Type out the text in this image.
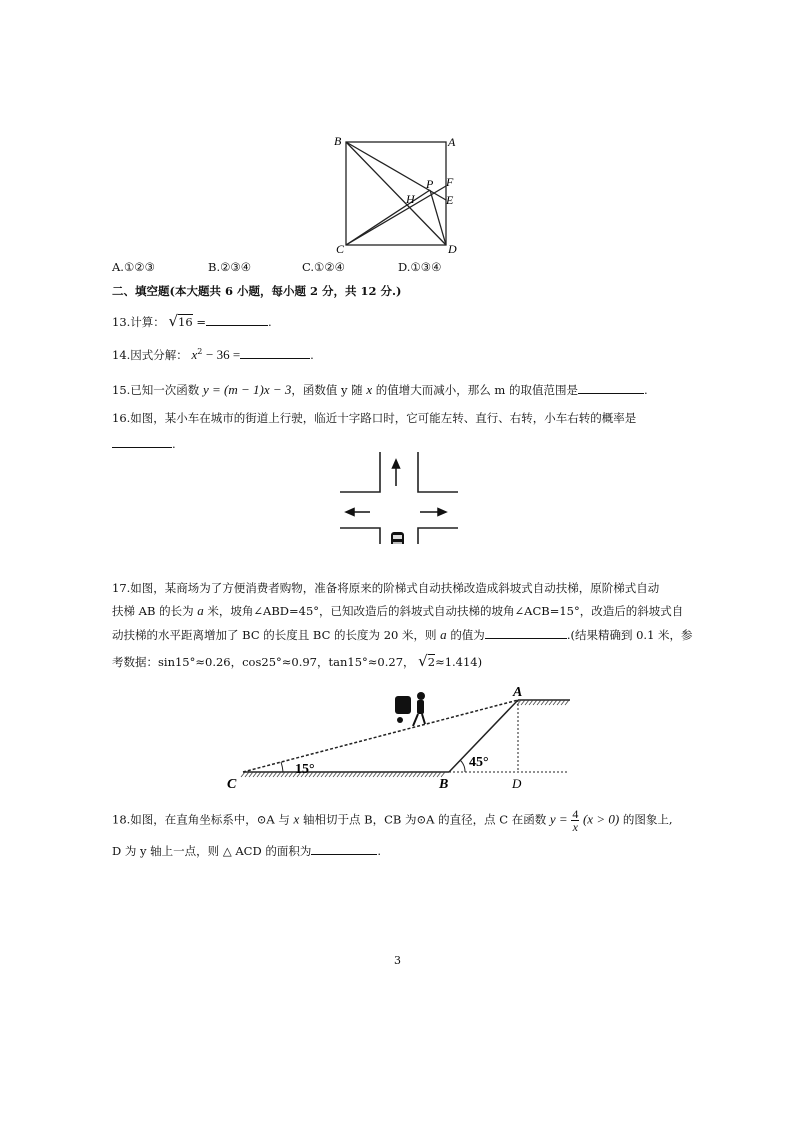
B	A
P F
H	E
C	D
A.①②③	B.②③④	C.①②④	D.①③④
二、填空题(本大题共 6 小题，每小题 2 分，共 12 分.)
13.计算： √16 =	.
14.因式分解： $x^2 - 36$ =	.
15.已知一次函数 y = (m − 1)x − 3，函数值 y 随 x 的值增大而减小，那么 m 的取值范围是	.
16.如图，某小车在城市的街道上行驶，临近十字路口时，它可能左转、直行、右转，小车右转的概率是
.
17.如图，某商场为了方便消费者购物，准备将原来的阶梯式自动扶梯改造成斜坡式自动扶梯，原阶梯式自动
扶梯 AB 的长为 a 米，坡角∠ABD=45°，已知改造后的斜坡式自动扶梯的坡角∠ACB=15°，改造后的斜坡式自
动扶梯的水平距离增加了 BC 的长度且 BC 的长度为 20 米，则 a 的值为	.(结果精确到 0.1 米，参
考数据：sin15°≈0.26，cos25°≈0.97，tan15°≈0.27， √2≈1.414)
C	B	D
A
15°	45°
18.如图，在直角坐标系中，⊙A 与 x 轴相切于点 B，CB 为⊙A 的直径，点 C 在函数 $y = \frac{4}{x} (x > 0)$ 的图象上,
D 为 y 轴上一点，则 △ ACD 的面积为	.
3
